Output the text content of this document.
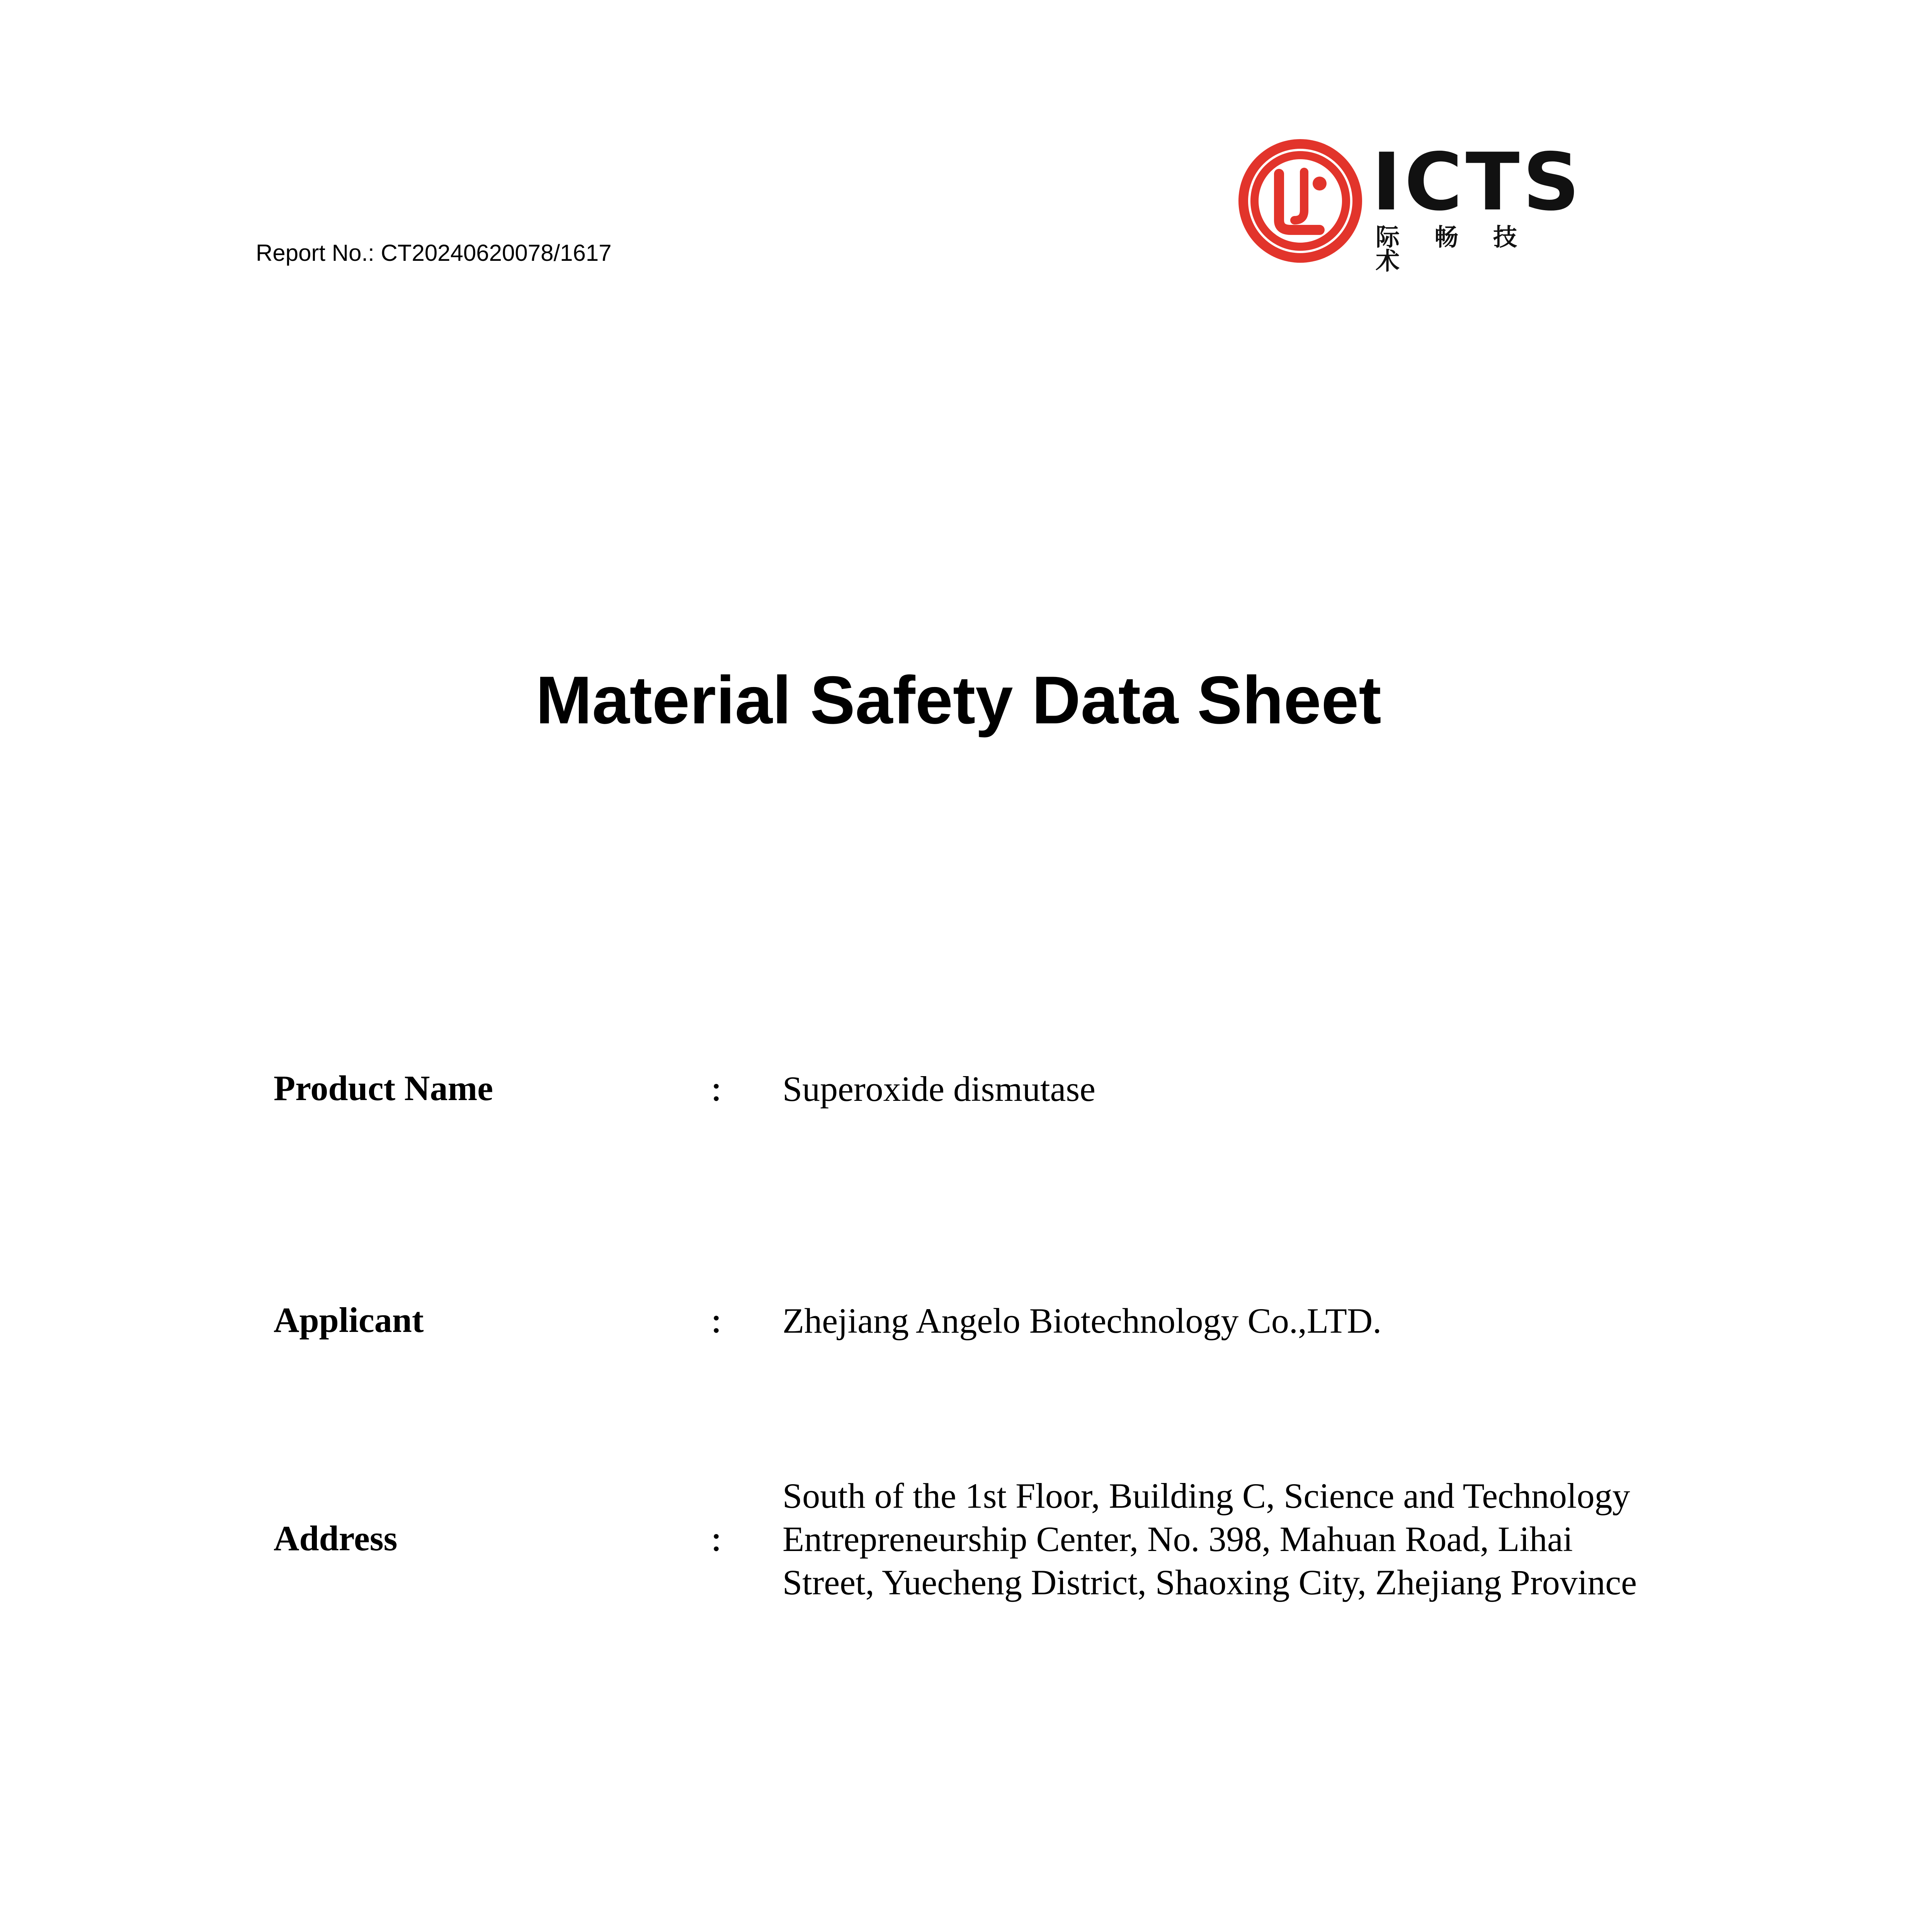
Report No.: CT20240620078/1617
ICTS
际畅技术
Material Safety Data Sheet
Product Name	： Superoxide dismutase
Applicant	： Zhejiang Angelo Biotechnology Co.,LTD.
Address	：
South of the 1st Floor, Building C, Science and Technology
Entrepreneurship Center, No. 398, Mahuan Road, Lihai
Street, Yuecheng District, Shaoxing City, Zhejiang Province
